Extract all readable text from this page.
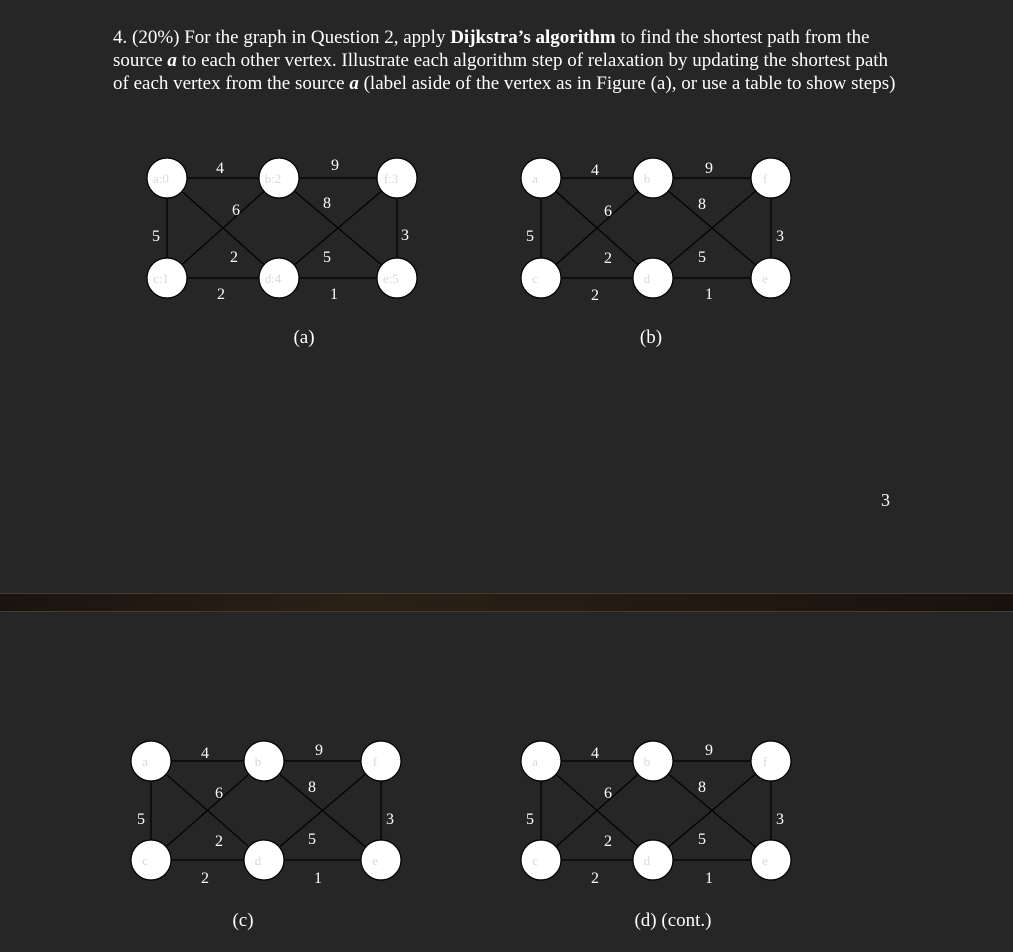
4. (20%) For the graph in Question 2, apply Dijkstra’s algorithm to find the shortest path from the source a to each other vertex. Illustrate each algorithm step of relaxation by updating the shortest path of each vertex from the source a (label aside of the vertex as in Figure (a), or use a table to show steps)

3
4	9
5
6
2
2
8
5
1
3
a:0	b:2	f:3
c:1	d:4	e:5
(a)
4	9
5
6
2
2
8
5
1
3
a	b	f
c	d	e
(b)
4	9
5
6
2
2
8
5
1
3
a	b	f
c	d	e
(c)
4	9
5
6
2
2
8
5
1
3
a	b	f
c	d	e
(d) (cont.)
